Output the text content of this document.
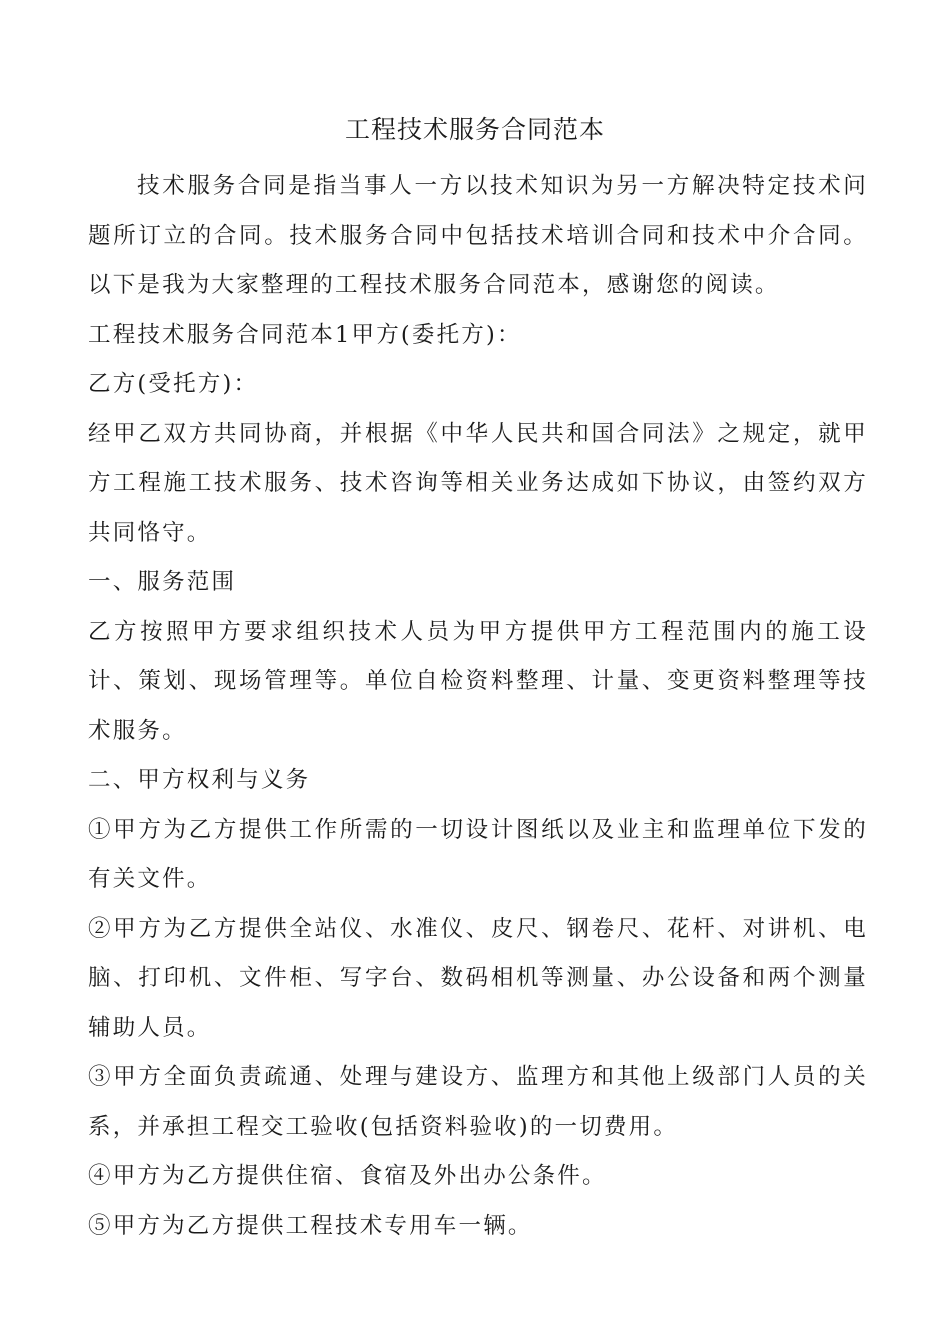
工程技术服务合同范本

技术服务合同是指当事人一方以技术知识为另一方解决特定技术问题所订立的合同。技术服务合同中包括技术培训合同和技术中介合同。以下是我为大家整理的工程技术服务合同范本，感谢您的阅读。

工程技术服务合同范本1甲方(委托方)：

乙方(受托方)：

经甲乙双方共同协商，并根据《中华人民共和国合同法》之规定，就甲方工程施工技术服务、技术咨询等相关业务达成如下协议，由签约双方共同恪守。

一、服务范围

乙方按照甲方要求组织技术人员为甲方提供甲方工程范围内的施工设计、策划、现场管理等。单位自检资料整理、计量、变更资料整理等技术服务。

二、甲方权利与义务

①甲方为乙方提供工作所需的一切设计图纸以及业主和监理单位下发的有关文件。

②甲方为乙方提供全站仪、水准仪、皮尺、钢卷尺、花杆、对讲机、电脑、打印机、文件柜、写字台、数码相机等测量、办公设备和两个测量辅助人员。

③甲方全面负责疏通、处理与建设方、监理方和其他上级部门人员的关系，并承担工程交工验收(包括资料验收)的一切费用。

④甲方为乙方提供住宿、食宿及外出办公条件。

⑤甲方为乙方提供工程技术专用车一辆。
